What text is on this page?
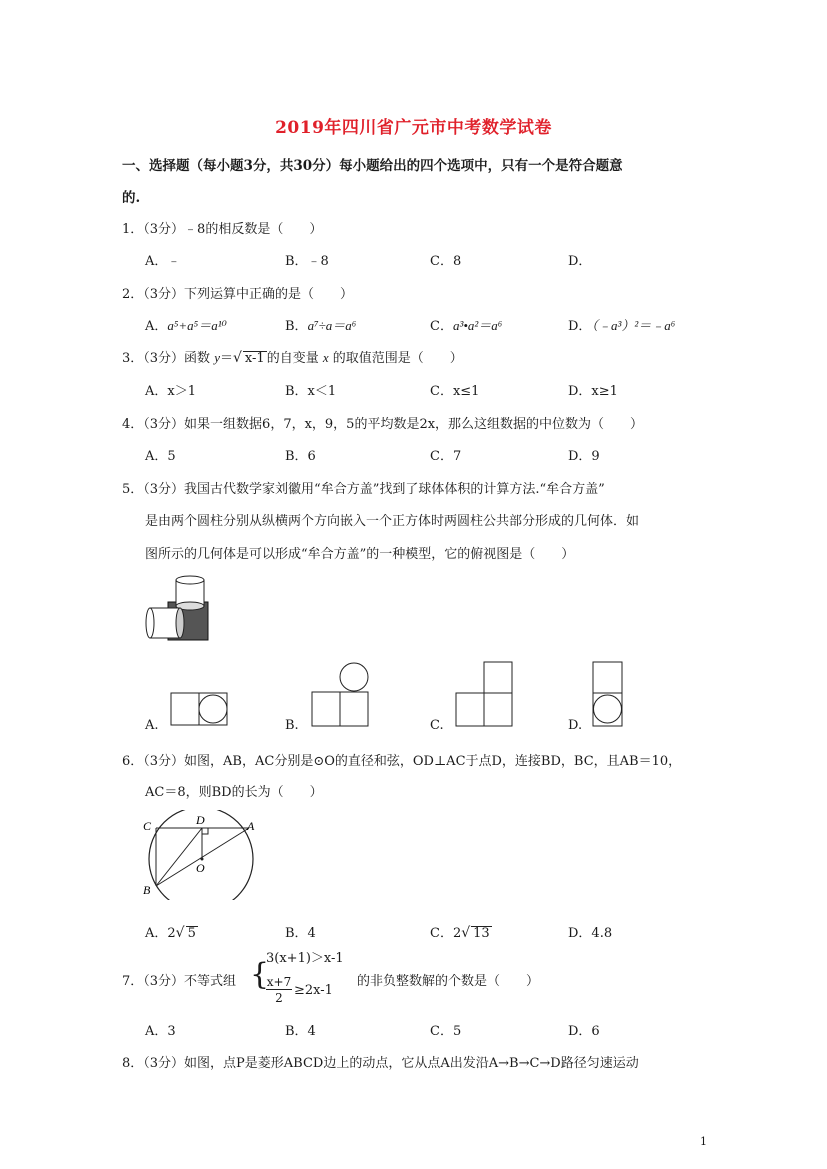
2019年四川省广元市中考数学试卷
一、选择题（每小题3分，共30分）每小题给出的四个选项中，只有一个是符合题意
的.
1．（3分）﹣8的相反数是（　　）
A．﹣	B．﹣8	C．8	D．
2．（3分）下列运算中正确的是（　　）
A．a⁵+a⁵＝a¹⁰	B．a⁷÷a＝a⁶	C．a³•a²＝a⁶	D．（﹣a³）²＝﹣a⁶
3．（3分）函数 y＝√ x-1 的自变量 x 的取值范围是（　　）
A．x＞1	B．x＜1	C．x≤1	D．x≥1
4．（3分）如果一组数据6，7，x，9，5的平均数是2x，那么这组数据的中位数为（　　）
A．5	B．6	C．7	D．9
5．（3分）我国古代数学家刘徽用“牟合方盖”找到了球体体积的计算方法.“牟合方盖”
是由两个圆柱分别从纵横两个方向嵌入一个正方体时两圆柱公共部分形成的几何体．如
图所示的几何体是可以形成“牟合方盖”的一种模型，它的俯视图是（　　）
A.	B.	C.	D.
6．（3分）如图，AB，AC分别是⊙O的直径和弦，OD⊥AC于点D，连接BD，BC，且AB＝10，
AC＝8，则BD的长为（　　）
C	D	A
O
B
A．2√ 5	B．4	C．2√ 13	D．4.8
7．（3分）不等式组 {
3(x+1)＞x-1
x+7
2 ≥2x-1
的非负整数解的个数是（　　）
A．3	B．4	C．5	D．6
8．（3分）如图，点P是菱形ABCD边上的动点，它从点A出发沿A→B→C→D路径匀速运动
1
